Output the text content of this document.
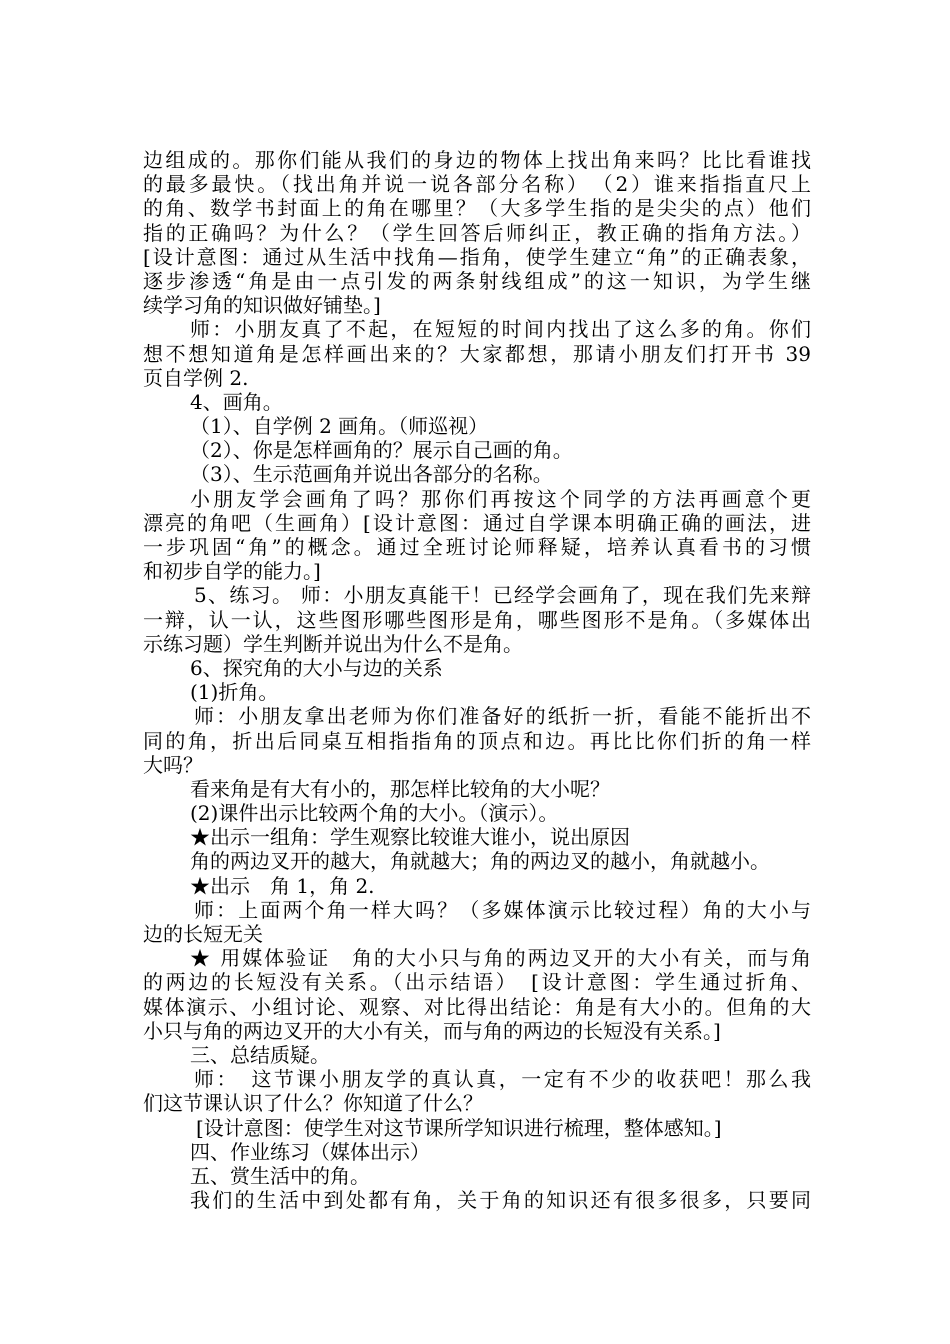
边组成的。那你们能从我们的身边的物体上找出角来吗？比比看谁找
的最多最快。（找出角并说一说各部分名称）　（2）谁来指指直尺上
的角、数学书封面上的角在哪里？（大多学生指的是尖尖的点）他们
指的正确吗？为什么？（学生回答后师纠正，教正确的指角方法。）
[设计意图：通过从生活中找角—指角，使学生建立“角”的正确表象，
逐步渗透“角是由一点引发的两条射线组成”的这一知识，为学生继
续学习角的知识做好铺垫。]
师：小朋友真了不起，在短短的时间内找出了这么多的角。你们
想不想知道角是怎样画出来的？大家都想，那请小朋友们打开书 39
页自学例 2.
4、画角。
（1）、自学例 2 画角。（师巡视）
（2）、你是怎样画角的？展示自己画的角。
（3）、生示范画角并说出各部分的名称。
小朋友学会画角了吗？那你们再按这个同学的方法再画意个更
漂亮的角吧（生画角）[设计意图：通过自学课本明确正确的画法，进
一步巩固“角”的概念。通过全班讨论师释疑，培养认真看书的习惯
和初步自学的能力。]
5、练习。 师：小朋友真能干！已经学会画角了，现在我们先来辩
一辩，认一认，这些图形哪些图形是角，哪些图形不是角。（多媒体出
示练习题）学生判断并说出为什么不是角。
6、探究角的大小与边的关系
(1)折角。
师：小朋友拿出老师为你们准备好的纸折一折，看能不能折出不
同的角，折出后同桌互相指指角的顶点和边。再比比你们折的角一样
大吗？
看来角是有大有小的，那怎样比较角的大小呢？
(2)课件出示比较两个角的大小。（演示）。
★出示一组角：学生观察比较谁大谁小，说出原因
角的两边叉开的越大，角就越大；角的两边叉的越小，角就越小。
★出示　角 1，角 2.
师：上面两个角一样大吗？（多媒体演示比较过程）角的大小与
边的长短无关
★ 用媒体验证　角的大小只与角的两边叉开的大小有关，而与角
的两边的长短没有关系。（出示结语）　[设计意图：学生通过折角、
媒体演示、小组讨论、观察、对比得出结论：角是有大小的。但角的大
小只与角的两边叉开的大小有关，而与角的两边的长短没有关系。]
三、总结质疑。
师：　这节课小朋友学的真认真，一定有不少的收获吧！那么我
们这节课认识了什么？你知道了什么？
[设计意图：使学生对这节课所学知识进行梳理，整体感知。]
四、作业练习（媒体出示）
五、赏生活中的角。
我们的生活中到处都有角，关于角的知识还有很多很多，只要同
